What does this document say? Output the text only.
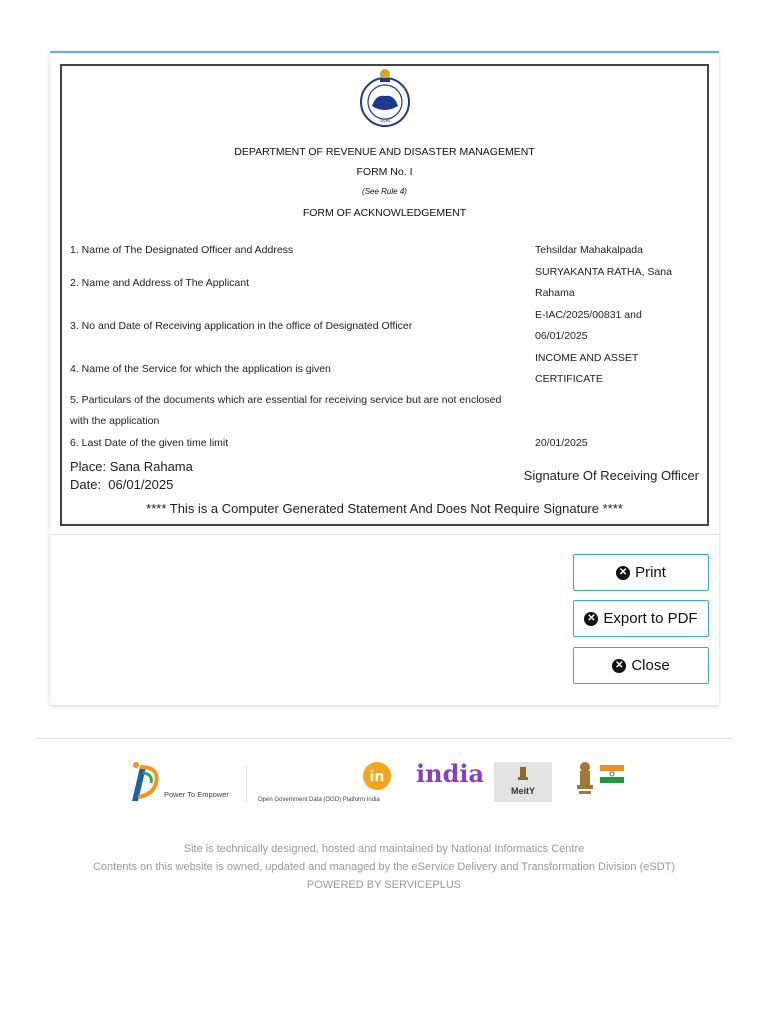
ଓଡ଼ିଶା
DEPARTMENT OF REVENUE AND DISASTER MANAGEMENT
FORM No. I
(See Rule 4)
FORM OF ACKNOWLEDGEMENT
1. Name of The Designated Officer and Address	Tehsildar Mahakalpada
2. Name and Address of The Applicant
SURYAKANTA RATHA, Sana Rahama
3. No and Date of Receiving application in the office of Designated Officer
E-IAC/2025/00831 and 06/01/2025
4. Name of the Service for which the application is given
INCOME AND ASSET CERTIFICATE
5. Particulars of the documents which are essential for receiving service but are not enclosed with the application
6. Last Date of the given time limit	20/01/2025
Place: Sana Rahama
Date:  06/01/2025
Signature Of Receiving Officer
**** This is a Computer Generated Statement And Does Not Require Signature ****
✕ Print
✕ Export to PDF
✕ Close
Power To Empower
in
Open Government Data (OGD) Platform India
india
MeitY
Site is technically designed, hosted and maintained by National Informatics Centre
Contents on this website is owned, updated and managed by the eService Delivery and Transformation Division (eSDT)
POWERED BY SERVICEPLUS
